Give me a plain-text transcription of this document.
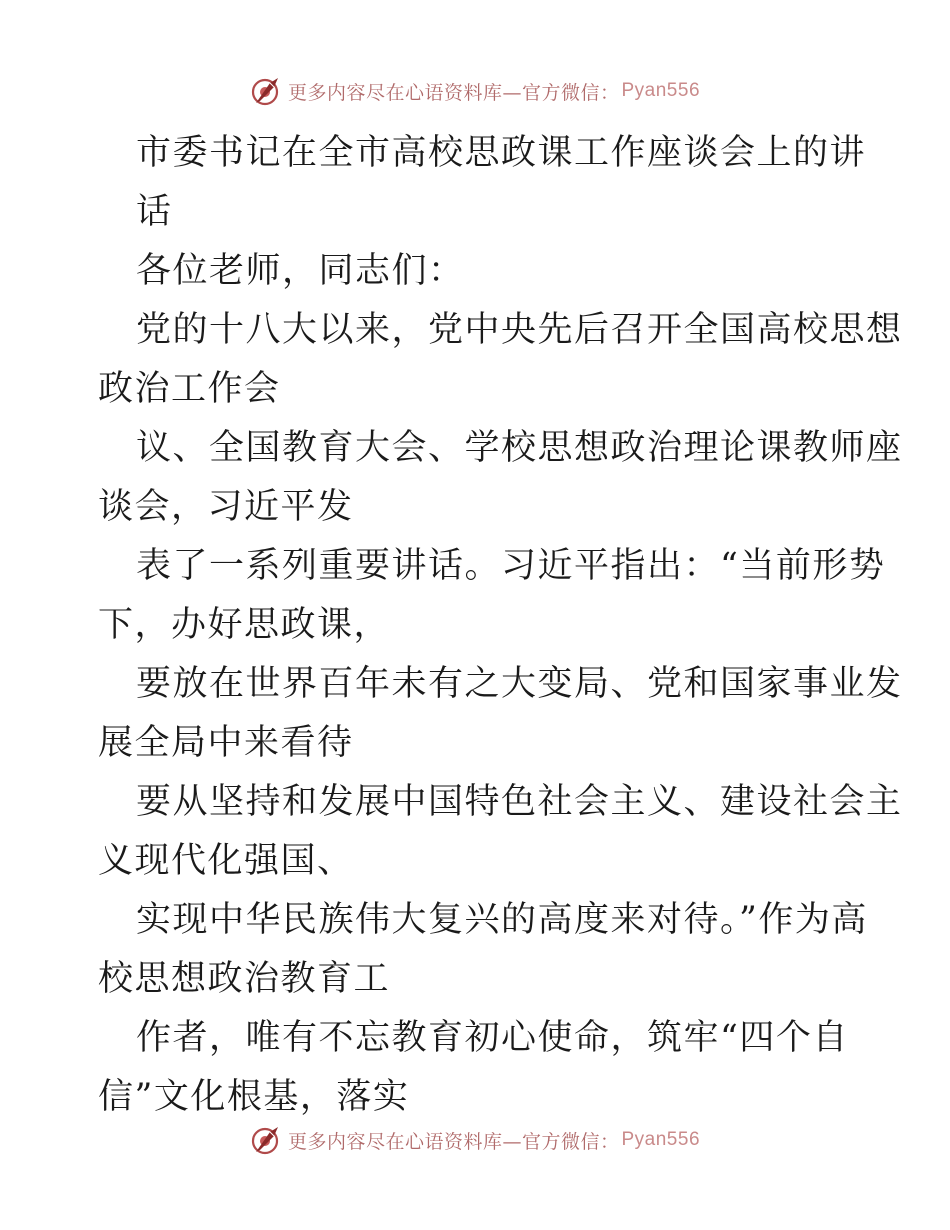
更多内容尽在心语资料库—官方微信： Pyan556

市委书记在全市高校思政课工作座谈会上的讲

话

各位老师，同志们：

党的十八大以来，党中央先后召开全国高校思想

政治工作会

议、全国教育大会、学校思想政治理论课教师座

谈会，习近平发

表了一系列重要讲话。习近平指出：“当前形势

下，办好思政课，

要放在世界百年未有之大变局、党和国家事业发

展全局中来看待

要从坚持和发展中国特色社会主义、建设社会主

义现代化强国、

实现中华民族伟大复兴的高度来对待。”作为高

校思想政治教育工

作者，唯有不忘教育初心使命，筑牢“四个自

信”文化根基，落实

更多内容尽在心语资料库—官方微信： Pyan556
